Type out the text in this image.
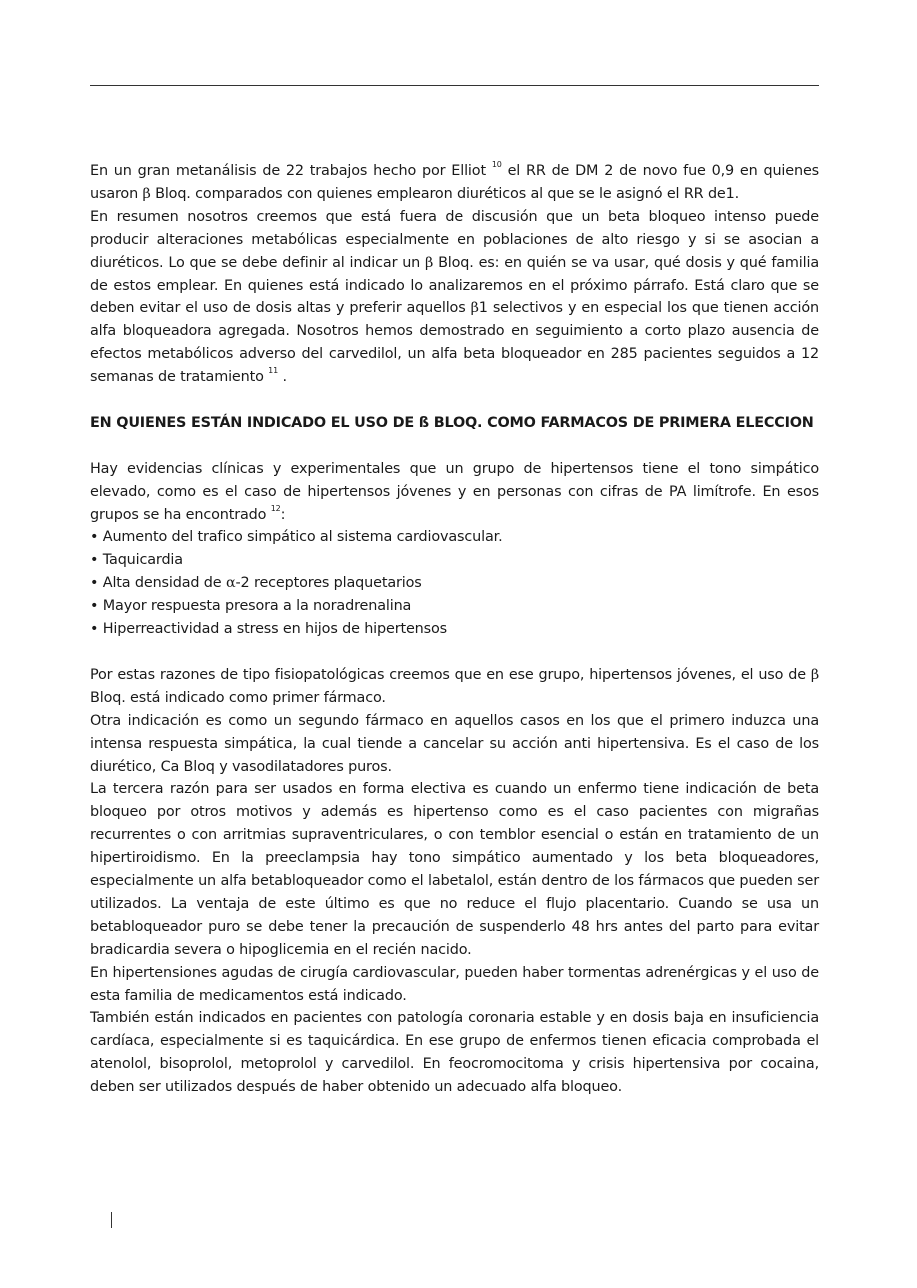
En un gran metanálisis de 22 trabajos hecho por Elliot $^{10}$ el RR de DM 2 de novo fue 0,9 en quienes usaron β Bloq. comparados con quienes emplearon diuréticos al que se le asignó el RR de1.

En resumen nosotros creemos que está fuera de discusión que un beta bloqueo intenso puede producir alteraciones metabólicas especialmente en poblaciones de alto riesgo y si se asocian a diuréticos. Lo que se debe definir al indicar un β Bloq. es: en quién se va usar, qué dosis y qué familia de estos emplear. En quienes está indicado lo analizaremos en el próximo párrafo. Está claro que se deben evitar el uso de dosis altas y preferir aquellos β1 selectivos y en especial los que tienen acción alfa bloqueadora agregada. Nosotros hemos demostrado en seguimiento a corto plazo ausencia de efectos metabólicos adverso del carvedilol, un alfa beta bloqueador en 285 pacientes seguidos a 12 semanas de tratamiento $^{11}$ .

EN QUIENES ESTÁN INDICADO EL USO DE ß BLOQ. COMO FARMACOS DE PRIMERA ELECCION

Hay evidencias clínicas y experimentales que un grupo de hipertensos tiene el tono simpático elevado, como es el caso de hipertensos jóvenes y en personas con cifras de PA limítrofe. En esos grupos se ha encontrado $^{12}$:

• Aumento del trafico simpático al sistema cardiovascular.
• Taquicardia
• Alta densidad de α-2 receptores plaquetarios
• Mayor respuesta presora a la noradrenalina
• Hiperreactividad a stress en hijos de hipertensos

Por estas razones de tipo fisiopatológicas creemos que en ese grupo, hipertensos jóvenes, el uso de β Bloq. está indicado como primer fármaco.

Otra indicación es como un segundo fármaco en aquellos casos en los que el primero induzca una intensa respuesta simpática, la cual tiende a cancelar su acción anti hipertensiva. Es el caso de los diurético, Ca Bloq y vasodilatadores puros.

La tercera razón para ser usados en forma electiva es cuando un enfermo tiene indicación de beta bloqueo por otros motivos y además es hipertenso como es el caso pacientes con migrañas recurrentes o con arritmias supraventriculares, o con temblor esencial o están en tratamiento de un hipertiroidismo. En la preeclampsia hay tono simpático aumentado y los beta bloqueadores, especialmente un alfa betabloqueador como el labetalol, están dentro de los fármacos que pueden ser utilizados. La ventaja de este último es que no reduce el flujo placentario. Cuando se usa un betabloqueador puro se debe tener la precaución de suspenderlo 48 hrs antes del parto para evitar bradicardia severa o hipoglicemia en el recién nacido.

En hipertensiones agudas de cirugía cardiovascular, pueden haber tormentas adrenérgicas y el uso de esta familia de medicamentos está indicado.

También están indicados en pacientes con patología coronaria estable y en dosis baja en insuficiencia cardíaca, especialmente si es taquicárdica. En ese grupo de enfermos tienen eficacia comprobada el atenolol, bisoprolol, metoprolol y carvedilol. En feocromocitoma y crisis hipertensiva por cocaina, deben ser utilizados después de haber obtenido un adecuado alfa bloqueo.
